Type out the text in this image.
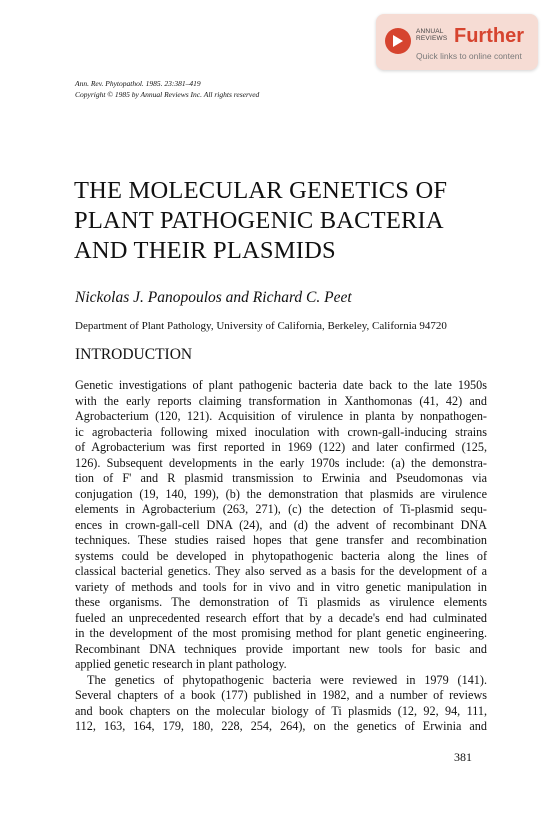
ANNUAL
REVIEWS Further
Quick links to online content
Ann. Rev. Phytopathol. 1985. 23:381–419
Copyright © 1985 by Annual Reviews Inc. All rights reserved
THE MOLECULAR GENETICS OF
PLANT PATHOGENIC BACTERIA
AND THEIR PLASMIDS
Nickolas J. Panopoulos and Richard C. Peet
Department of Plant Pathology, University of California, Berkeley, California 94720
INTRODUCTION
Genetic investigations of plant pathogenic bacteria date back to the late 1950s
with the early reports claiming transformation in Xanthomonas (41, 42) and
Agrobacterium (120, 121). Acquisition of virulence in planta by nonpathogen-
ic agrobacteria following mixed inoculation with crown-gall-inducing strains
of Agrobacterium was first reported in 1969 (122) and later confirmed (125,
126). Subsequent developments in the early 1970s include: (a) the demonstra-
tion of F' and R plasmid transmission to Erwinia and Pseudomonas via
conjugation (19, 140, 199), (b) the demonstration that plasmids are virulence
elements in Agrobacterium (263, 271), (c) the detection of Ti-plasmid sequ-
ences in crown-gall-cell DNA (24), and (d) the advent of recombinant DNA
techniques. These studies raised hopes that gene transfer and recombination
systems could be developed in phytopathogenic bacteria along the lines of
classical bacterial genetics. They also served as a basis for the development of a
variety of methods and tools for in vivo and in vitro genetic manipulation in
these organisms. The demonstration of Ti plasmids as virulence elements
fueled an unprecedented research effort that by a decade's end had culminated
in the development of the most promising method for plant genetic engineering.
Recombinant DNA techniques provide important new tools for basic and
applied genetic research in plant pathology.
The genetics of phytopathogenic bacteria were reviewed in 1979 (141).
Several chapters of a book (177) published in 1982, and a number of reviews
and book chapters on the molecular biology of Ti plasmids (12, 92, 94, 111,
112, 163, 164, 179, 180, 228, 254, 264), on the genetics of Erwinia and
381
